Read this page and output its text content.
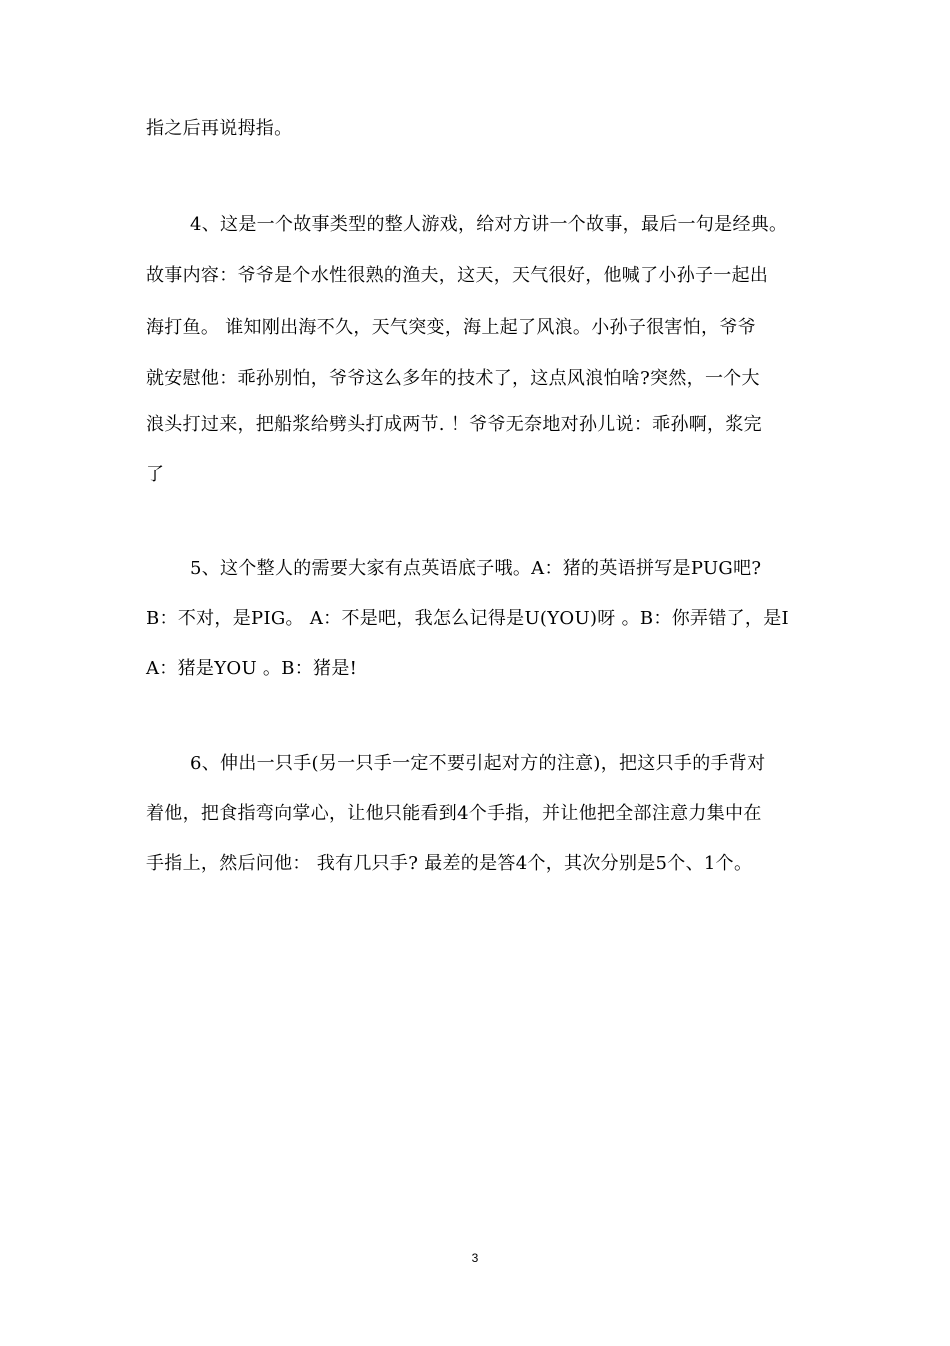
指之后再说拇指。
4、这是一个故事类型的整人游戏，给对方讲一个故事，最后一句是经典。
故事内容：爷爷是个水性很熟的渔夫，这天，天气很好，他喊了小孙子一起出
海打鱼。 谁知刚出海不久，天气突变，海上起了风浪。小孙子很害怕，爷爷
就安慰他：乖孙别怕，爷爷这么多年的技术了，这点风浪怕啥?突然，一个大
浪头打过来，把船浆给劈头打成两节. ！爷爷无奈地对孙儿说：乖孙啊，浆完
了
5、这个整人的需要大家有点英语底子哦。A：猪的英语拼写是PUG吧?
B：不对，是PIG。 A：不是吧，我怎么记得是U(YOU)呀 。B：你弄错了，是I
A：猪是YOU 。B：猪是!
6、伸出一只手(另一只手一定不要引起对方的注意)，把这只手的手背对
着他，把食指弯向掌心，让他只能看到4个手指，并让他把全部注意力集中在
手指上，然后问他： 我有几只手? 最差的是答4个，其次分别是5个、1个。
3
